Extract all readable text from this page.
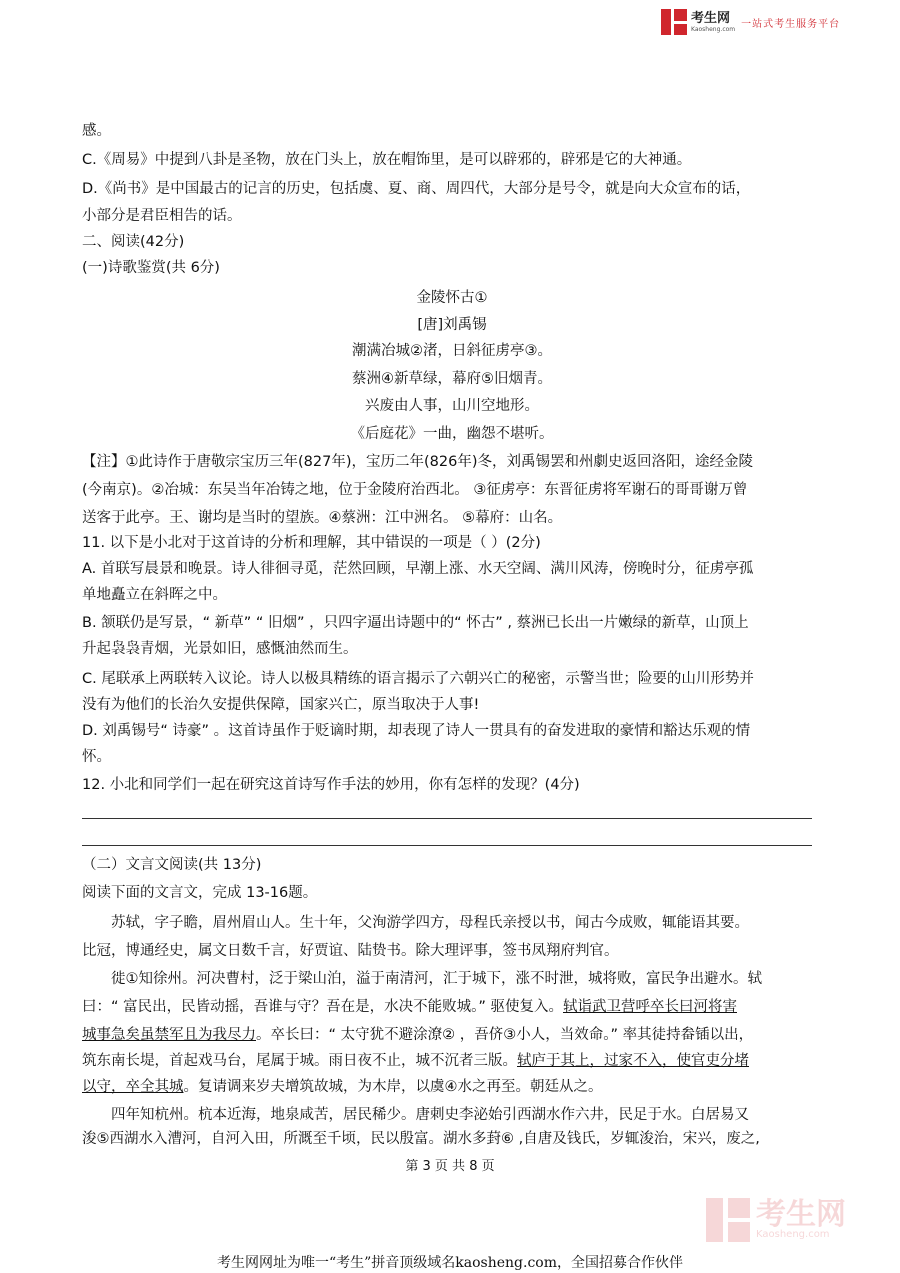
考生网
Kaosheng.com 一站式考生服务平台
感。
C.《周易》中提到八卦是圣物，放在门头上，放在帽饰里，是可以辟邪的，辟邪是它的大神通。
D.《尚书》是中国最古的记言的历史，包括虞、夏、商、周四代，大部分是号令，就是向大众宣布的话，
小部分是君臣相告的话。
二、阅读(42分)
(一)诗歌鉴赏(共 6分)
金陵怀古①
[唐]刘禹锡
潮满冶城②渚，日斜征虏亭③。
蔡洲④新草绿，幕府⑤旧烟青。
兴废由人事，山川空地形。
《后庭花》一曲，幽怨不堪听。
【注】①此诗作于唐敬宗宝历三年(827年)，宝历二年(826年)冬，刘禹锡罢和州劇史返回洛阳，途经金陵
(今南京)。②冶城：东吴当年冶铸之地，位于金陵府治西北。 ③征虏亭：东晋征虏将军谢石的哥哥谢万曾
送客于此亭。王、谢均是当时的望族。④蔡洲：江中洲名。 ⑤幕府：山名。
11. 以下是小北对于这首诗的分析和理解，其中错误的一项是（ ）(2分)
A. 首联写晨景和晚景。诗人徘徊寻觅，茫然回顾，早潮上涨、水天空阔、满川风涛，傍晚时分，征虏亭孤
单地矗立在斜晖之中。
B. 颔联仍是写景，“ 新草” “ 旧烟” ，只四字逼出诗题中的“ 怀古” , 蔡洲已长出一片嫩绿的新草，山顶上
升起袅袅青烟，光景如旧，感慨油然而生。
C. 尾联承上两联转入议论。诗人以极具精练的语言揭示了六朝兴亡的秘密，示警当世；险要的山川形势并
没有为他们的长治久安提供保障，国家兴亡，原当取决于人事!
D. 刘禹锡号“ 诗豪” 。这首诗虽作于贬谪时期，却表现了诗人一贯具有的奋发进取的豪情和豁达乐观的情
怀。
12. 小北和同学们一起在研究这首诗写作手法的妙用，你有怎样的发现？(4分)
（二）文言文阅读(共 13分)
阅读下面的文言文，完成 13-16题。
苏轼，字子瞻，眉州眉山人。生十年，父洵游学四方，母程氏亲授以书，闻古今成败，辄能语其要。
比冠，博通经史，属文日数千言，好贾谊、陆贽书。除大理评事，签书凤翔府判官。
徙①知徐州。河决曹村，泛于梁山泊，溢于南清河，汇于城下，涨不时泄，城将败，富民争出避水。轼
曰：“ 富民出，民皆动摇，吾谁与守？吾在是，水决不能败城。” 驱使复入。轼诣武卫营呼卒长曰河将害
城事急矣虽禁军且为我尽力。卒长曰：“ 太守犹不避涂潦② ，吾侪③小人，当效命。” 率其徒持畚锸以出，
筑东南长堤，首起戏马台，尾属于城。雨日夜不止，城不沉者三版。轼庐于其上，过家不入，使官吏分堵
以守，卒全其城。复请调来岁夫增筑故城，为木岸，以虞④水之再至。朝廷从之。
四年知杭州。杭本近海，地泉咸苦，居民稀少。唐刺史李泌始引西湖水作六井，民足于水。白居易又
浚⑤西湖水入漕河，自河入田，所溉至千顷，民以殷富。湖水多葑⑥ ,自唐及钱氏，岁辄浚治，宋兴，废之,
第 3 页 共 8 页
考生网
Kaosheng.com
考生网网址为唯一“考生”拼音顶级域名kaosheng.com，全国招募合作伙伴
